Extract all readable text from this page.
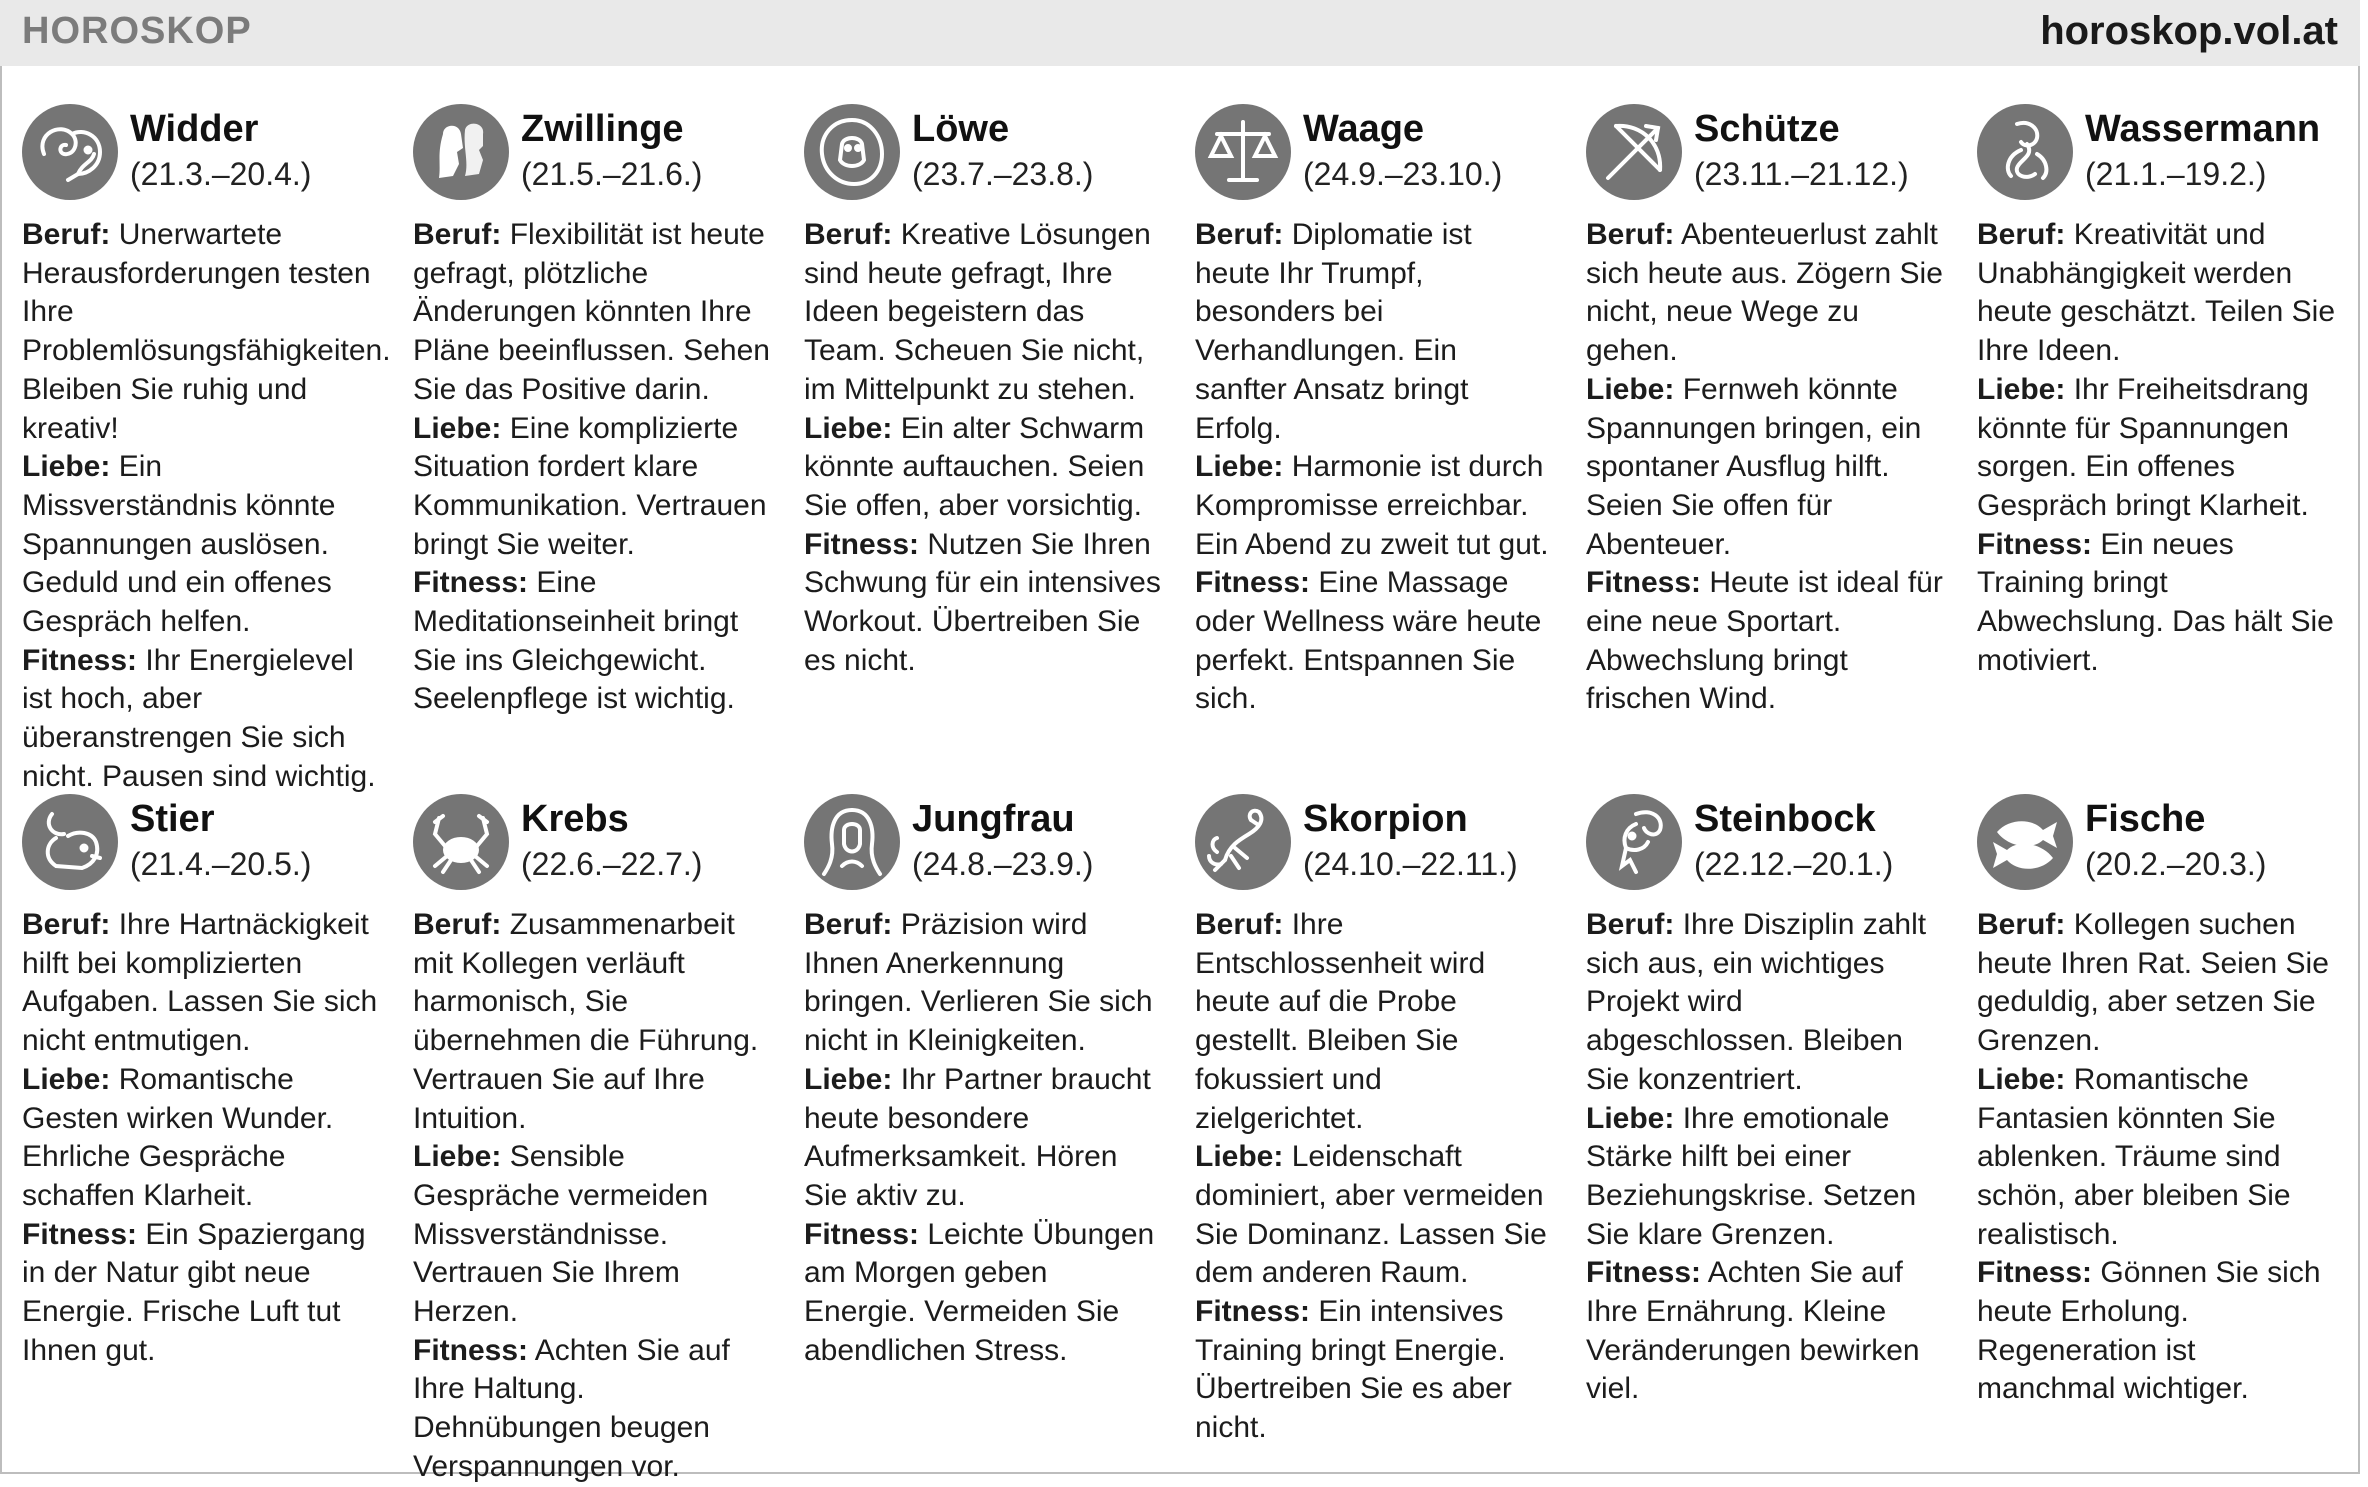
HOROSKOP	horoskop.vol.at
Widder
(21.3.–20.4.)

Beruf: Unerwartete Herausforderungen testen Ihre Problemlösungsfähigkeiten. Bleiben Sie ruhig und kreativ!

Liebe: Ein Missverständnis könnte Spannungen auslösen. Geduld und ein offenes Gespräch helfen.

Fitness: Ihr Energielevel ist hoch, aber überanstrengen Sie sich nicht. Pausen sind wichtig.

Zwillinge
(21.5.–21.6.)

Beruf: Flexibilität ist heute gefragt, plötzliche Änderungen könnten Ihre Pläne beeinflussen. Sehen Sie das Positive darin.

Liebe: Eine komplizierte Situation fordert klare Kommunikation. Vertrauen bringt Sie weiter.

Fitness: Eine Meditationseinheit bringt Sie ins Gleichgewicht. Seelenpflege ist wichtig.

Löwe
(23.7.–23.8.)

Beruf: Kreative Lösungen sind heute gefragt, Ihre Ideen begeistern das Team. Scheuen Sie nicht, im Mittelpunkt zu stehen.

Liebe: Ein alter Schwarm könnte auftauchen. Seien Sie offen, aber vorsichtig.

Fitness: Nutzen Sie Ihren Schwung für ein intensives Workout. Übertreiben Sie es nicht.

Waage
(24.9.–23.10.)

Beruf: Diplomatie ist heute Ihr Trumpf, besonders bei Verhandlungen. Ein sanfter Ansatz bringt Erfolg.

Liebe: Harmonie ist durch Kompromisse erreichbar. Ein Abend zu zweit tut gut.

Fitness: Eine Massage oder Wellness wäre heute perfekt. Entspannen Sie sich.

Schütze
(23.11.–21.12.)

Beruf: Abenteuerlust zahlt sich heute aus. Zögern Sie nicht, neue Wege zu gehen.

Liebe: Fernweh könnte Spannungen bringen, ein spontaner Ausflug hilft. Seien Sie offen für Abenteuer.

Fitness: Heute ist ideal für eine neue Sportart. Abwechslung bringt frischen Wind.

Wassermann
(21.1.–19.2.)

Beruf: Kreativität und Unabhängigkeit werden heute geschätzt. Teilen Sie Ihre Ideen.

Liebe: Ihr Freiheitsdrang könnte für Spannungen sorgen. Ein offenes Gespräch bringt Klarheit.

Fitness: Ein neues Training bringt Abwechslung. Das hält Sie motiviert.

Stier
(21.4.–20.5.)

Beruf: Ihre Hartnäckigkeit hilft bei komplizierten Aufgaben. Lassen Sie sich nicht entmutigen.

Liebe: Romantische Gesten wirken Wunder. Ehrliche Gespräche schaffen Klarheit.

Fitness: Ein Spaziergang in der Natur gibt neue Energie. Frische Luft tut Ihnen gut.

Krebs
(22.6.–22.7.)

Beruf: Zusammenarbeit mit Kollegen verläuft harmonisch, Sie übernehmen die Führung. Vertrauen Sie auf Ihre Intuition.

Liebe: Sensible Gespräche vermeiden Missverständnisse. Vertrauen Sie Ihrem Herzen.

Fitness: Achten Sie auf Ihre Haltung. Dehnübungen beugen Verspannungen vor.

Jungfrau
(24.8.–23.9.)

Beruf: Präzision wird Ihnen Anerkennung bringen. Verlieren Sie sich nicht in Kleinigkeiten.

Liebe: Ihr Partner braucht heute besondere Aufmerksamkeit. Hören Sie aktiv zu.

Fitness: Leichte Übungen am Morgen geben Energie. Vermeiden Sie abendlichen Stress.

Skorpion
(24.10.–22.11.)

Beruf: Ihre Entschlossenheit wird heute auf die Probe gestellt. Bleiben Sie fokussiert und zielgerichtet.

Liebe: Leidenschaft dominiert, aber vermeiden Sie Dominanz. Lassen Sie dem anderen Raum.

Fitness: Ein intensives Training bringt Energie. Übertreiben Sie es aber nicht.

Steinbock
(22.12.–20.1.)

Beruf: Ihre Disziplin zahlt sich aus, ein wichtiges Projekt wird abgeschlossen. Bleiben Sie konzentriert.

Liebe: Ihre emotionale Stärke hilft bei einer Beziehungskrise. Setzen Sie klare Grenzen.

Fitness: Achten Sie auf Ihre Ernährung. Kleine Veränderungen bewirken viel.

Fische
(20.2.–20.3.)

Beruf: Kollegen suchen heute Ihren Rat. Seien Sie geduldig, aber setzen Sie Grenzen.

Liebe: Romantische Fantasien könnten Sie ablenken. Träume sind schön, aber bleiben Sie realistisch.

Fitness: Gönnen Sie sich heute Erholung. Regeneration ist manchmal wichtiger.
